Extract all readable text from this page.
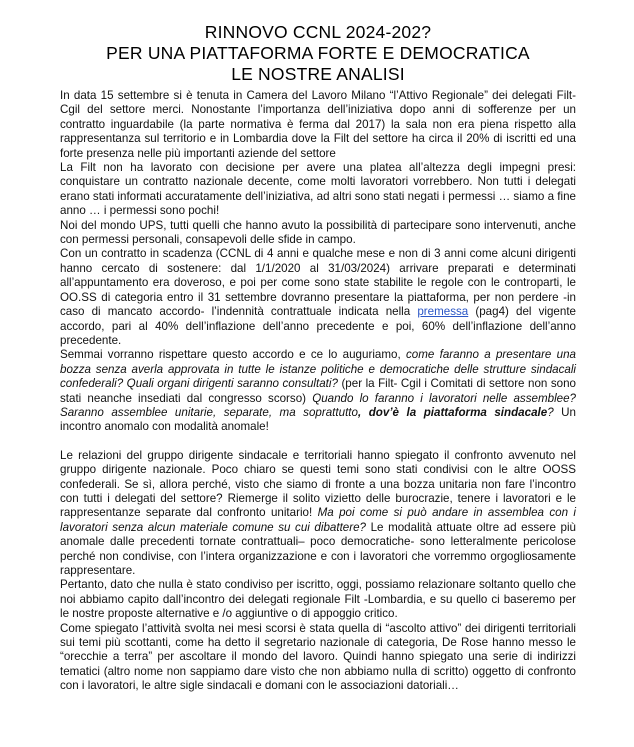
RINNOVO CCNL 2024-202?
PER UNA PIATTAFORMA FORTE E DEMOCRATICA
LE NOSTRE ANALISI

In data 15 settembre si è tenuta in Camera del Lavoro Milano “l’Attivo Regionale” dei delegati Filt- Cgil del settore merci. Nonostante l’importanza dell’iniziativa dopo anni di sofferenze per un contratto inguardabile (la parte normativa è ferma dal 2017) la sala non era piena rispetto alla rappresentanza sul territorio e in Lombardia dove la Filt del settore ha circa il 20% di iscritti ed una forte presenza nelle più importanti aziende del settore

La Filt non ha lavorato con decisione per avere una platea all’altezza degli impegni presi: conquistare un contratto nazionale decente, come molti lavoratori vorrebbero. Non tutti i delegati erano stati informati accuratamente dell’iniziativa, ad altri sono stati negati i permessi … siamo a fine anno … i permessi sono pochi!

Noi del mondo UPS, tutti quelli che hanno avuto la possibilità di partecipare sono intervenuti, anche con permessi personali, consapevoli delle sfide in campo.

Con un contratto in scadenza (CCNL di 4 anni e qualche mese e non di 3 anni come alcuni dirigenti hanno cercato di sostenere: dal 1/1/2020 al 31/03/2024) arrivare preparati e determinati all’appuntamento era doveroso, e poi per come sono state stabilite le regole con le controparti, le OO.SS di categoria entro il 31 settembre dovranno presentare la piattaforma, per non perdere -in caso di mancato accordo- l’indennità contrattuale indicata nella premessa (pag4) del vigente accordo, pari al 40% dell’inflazione dell’anno precedente e poi, 60% dell’inflazione dell’anno precedente.

Semmai vorranno rispettare questo accordo e ce lo auguriamo, come faranno a presentare una bozza senza averla approvata in tutte le istanze politiche e democratiche delle strutture sindacali confederali? Quali organi dirigenti saranno consultati? (per la Filt- Cgil i Comitati di settore non sono stati neanche insediati dal congresso scorso) Quando lo faranno i lavoratori nelle assemblee? Saranno assemblee unitarie, separate, ma soprattutto, dov’è la piattaforma sindacale? Un incontro anomalo con modalità anomale!

Le relazioni del gruppo dirigente sindacale e territoriali hanno spiegato il confronto avvenuto nel gruppo dirigente nazionale. Poco chiaro se questi temi sono stati condivisi con le altre OOSS confederali. Se sì, allora perché, visto che siamo di fronte a una bozza unitaria non fare l’incontro con tutti i delegati del settore? Riemerge il solito vizietto delle burocrazie, tenere i lavoratori e le rappresentanze separate dal confronto unitario! Ma poi come si può andare in assemblea con i lavoratori senza alcun materiale comune su cui dibattere? Le modalità attuate oltre ad essere più anomale dalle precedenti tornate contrattuali– poco democratiche- sono letteralmente pericolose perché non condivise, con l’intera organizzazione e con i lavoratori che vorremmo orgogliosamente rappresentare.

Pertanto, dato che nulla è stato condiviso per iscritto, oggi, possiamo relazionare soltanto quello che noi abbiamo capito dall’incontro dei delegati regionale Filt -Lombardia, e su quello ci baseremo per le nostre proposte alternative e /o aggiuntive o di appoggio critico.

Come spiegato l’attività svolta nei mesi scorsi è stata quella di “ascolto attivo” dei dirigenti territoriali sui temi più scottanti, come ha detto il segretario nazionale di categoria, De Rose hanno messo le “orecchie a terra” per ascoltare il mondo del lavoro. Quindi hanno spiegato una serie di indirizzi tematici (altro nome non sappiamo dare visto che non abbiamo nulla di scritto) oggetto di confronto con i lavoratori, le altre sigle sindacali e domani con le associazioni datoriali…
